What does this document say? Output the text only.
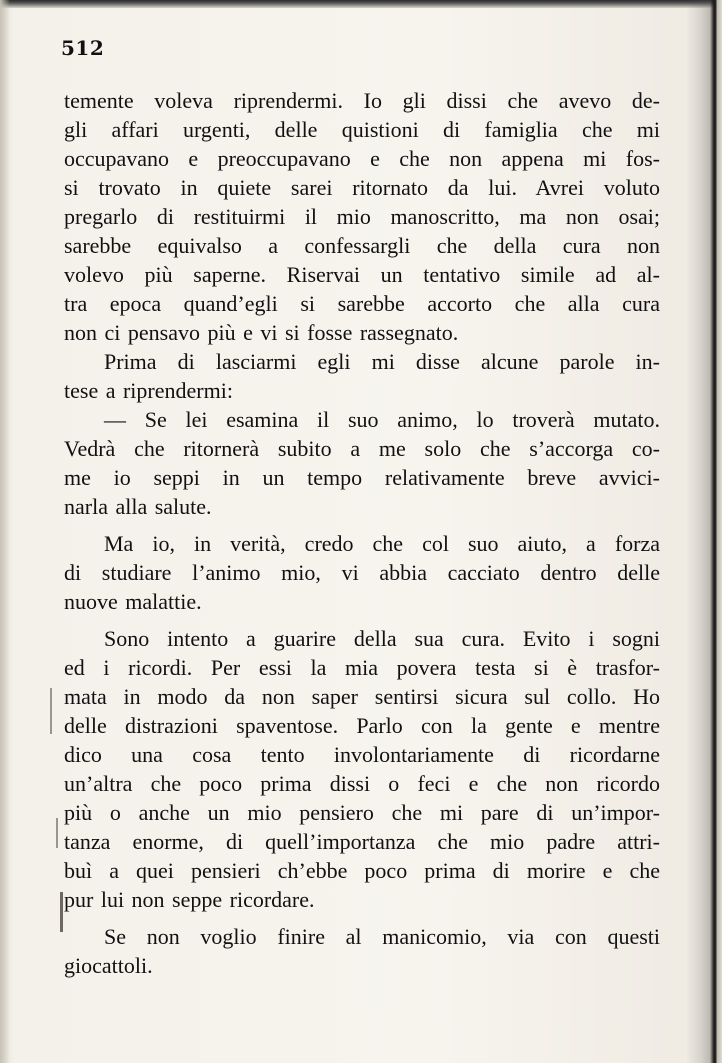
512
temente voleva riprendermi. Io gli dissi che avevo de-
gli affari urgenti, delle quistioni di famiglia che mi
occupavano e preoccupavano e che non appena mi fos-
si trovato in quiete sarei ritornato da lui. Avrei voluto
pregarlo di restituirmi il mio manoscritto, ma non osai;
sarebbe equivalso a confessargli che della cura non
volevo più saperne. Riservai un tentativo simile ad al-
tra epoca quand’egli si sarebbe accorto che alla cura
non ci pensavo più e vi si fosse rassegnato.
Prima di lasciarmi egli mi disse alcune parole in-
tese a riprendermi:
— Se lei esamina il suo animo, lo troverà mutato.
Vedrà che ritornerà subito a me solo che s’accorga co-
me io seppi in un tempo relativamente breve avvici-
narla alla salute.
Ma io, in verità, credo che col suo aiuto, a forza
di studiare l’animo mio, vi abbia cacciato dentro delle
nuove malattie.
Sono intento a guarire della sua cura. Evito i sogni
ed i ricordi. Per essi la mia povera testa si è trasfor-
mata in modo da non saper sentirsi sicura sul collo. Ho
delle distrazioni spaventose. Parlo con la gente e mentre
dico una cosa tento involontariamente di ricordarne
un’altra che poco prima dissi o feci e che non ricordo
più o anche un mio pensiero che mi pare di un’impor-
tanza enorme, di quell’importanza che mio padre attri-
buì a quei pensieri ch’ebbe poco prima di morire e che
pur lui non seppe ricordare.
Se non voglio finire al manicomio, via con questi
giocattoli.
